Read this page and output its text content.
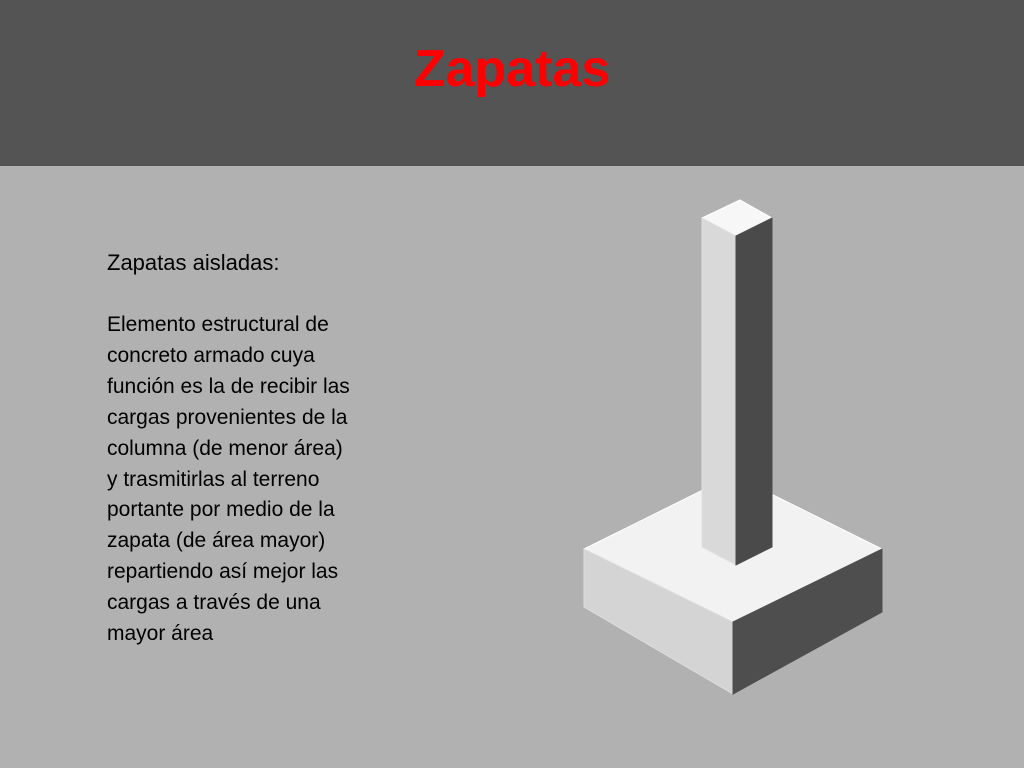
Zapatas
Zapatas aisladas:
Elemento estructural de
concreto armado cuya
función es la de recibir las
cargas provenientes de la
columna (de menor área)
y trasmitirlas al terreno
portante por medio de la
zapata (de área mayor)
repartiendo así mejor las
cargas a través de una
mayor área
